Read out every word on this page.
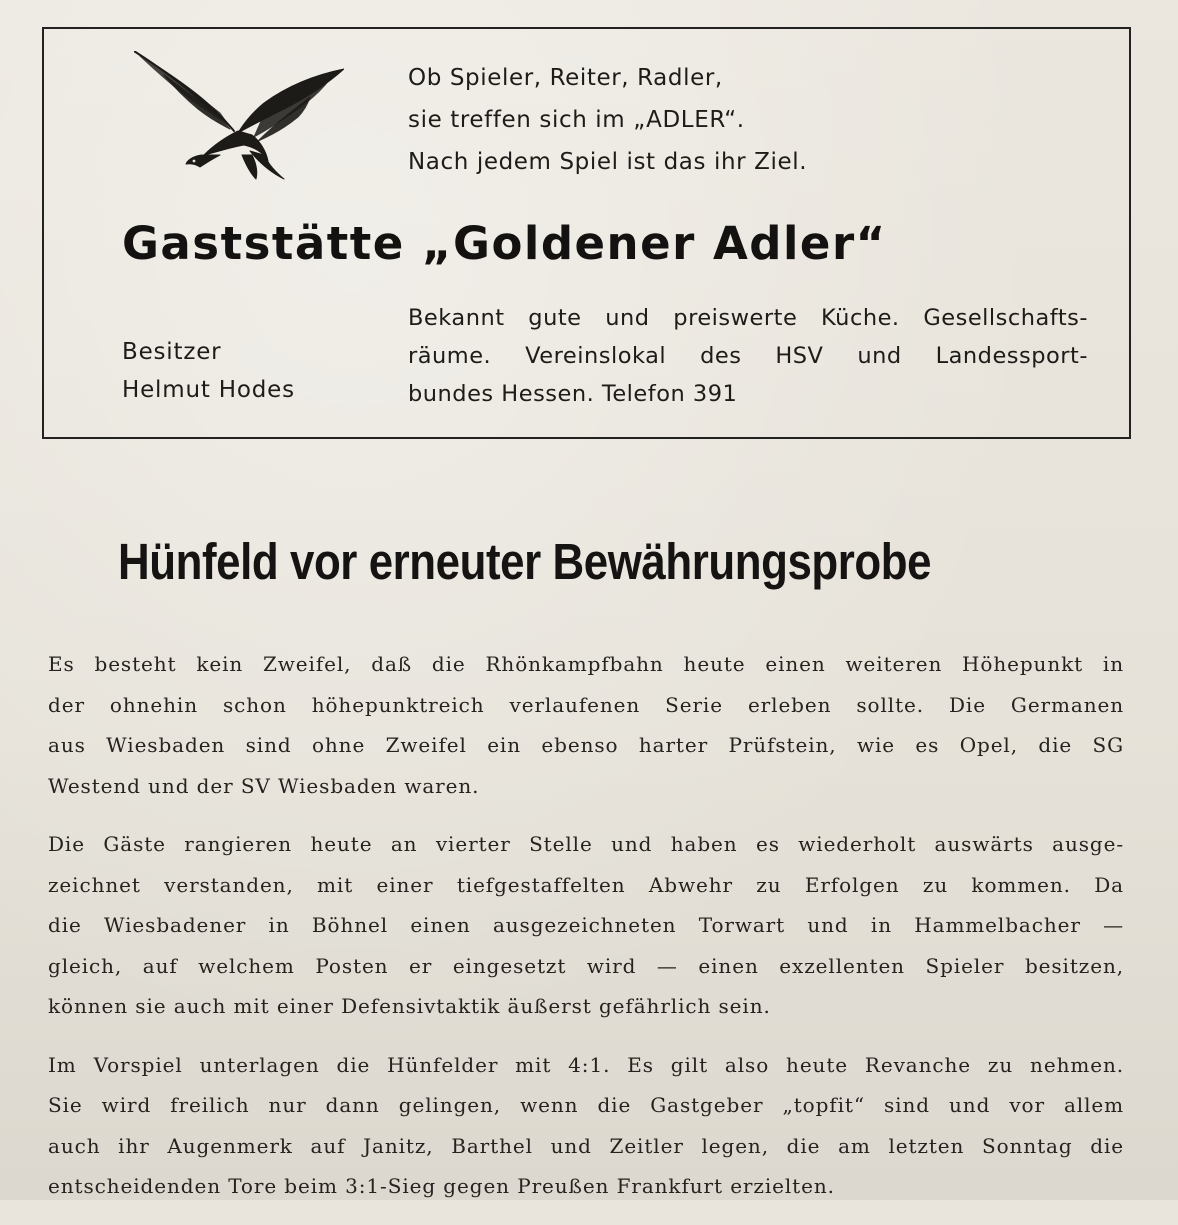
Ob Spieler, Reiter, Radler,
sie treffen sich im „ADLER“.
Nach jedem Spiel ist das ihr Ziel.
Gaststätte „Goldener Adler“
Besitzer
Helmut Hodes
Bekannt gute und preiswerte Küche. Gesellschafts-
räume. Vereinslokal des HSV und Landessport-
bundes Hessen. Telefon 391
Hünfeld vor erneuter Bewährungsprobe
Es besteht kein Zweifel, daß die Rhönkampfbahn heute einen weiteren Höhepunkt in
der ohnehin schon höhepunktreich verlaufenen Serie erleben sollte. Die Germanen
aus Wiesbaden sind ohne Zweifel ein ebenso harter Prüfstein, wie es Opel, die SG
Westend und der SV Wiesbaden waren.
Die Gäste rangieren heute an vierter Stelle und haben es wiederholt auswärts ausge-
zeichnet verstanden, mit einer tiefgestaffelten Abwehr zu Erfolgen zu kommen. Da
die Wiesbadener in Böhnel einen ausgezeichneten Torwart und in Hammelbacher —
gleich, auf welchem Posten er eingesetzt wird — einen exzellenten Spieler besitzen,
können sie auch mit einer Defensivtaktik äußerst gefährlich sein.
Im Vorspiel unterlagen die Hünfelder mit 4:1. Es gilt also heute Revanche zu nehmen.
Sie wird freilich nur dann gelingen, wenn die Gastgeber „topfit“ sind und vor allem
auch ihr Augenmerk auf Janitz, Barthel und Zeitler legen, die am letzten Sonntag die
entscheidenden Tore beim 3:1-Sieg gegen Preußen Frankfurt erzielten.
